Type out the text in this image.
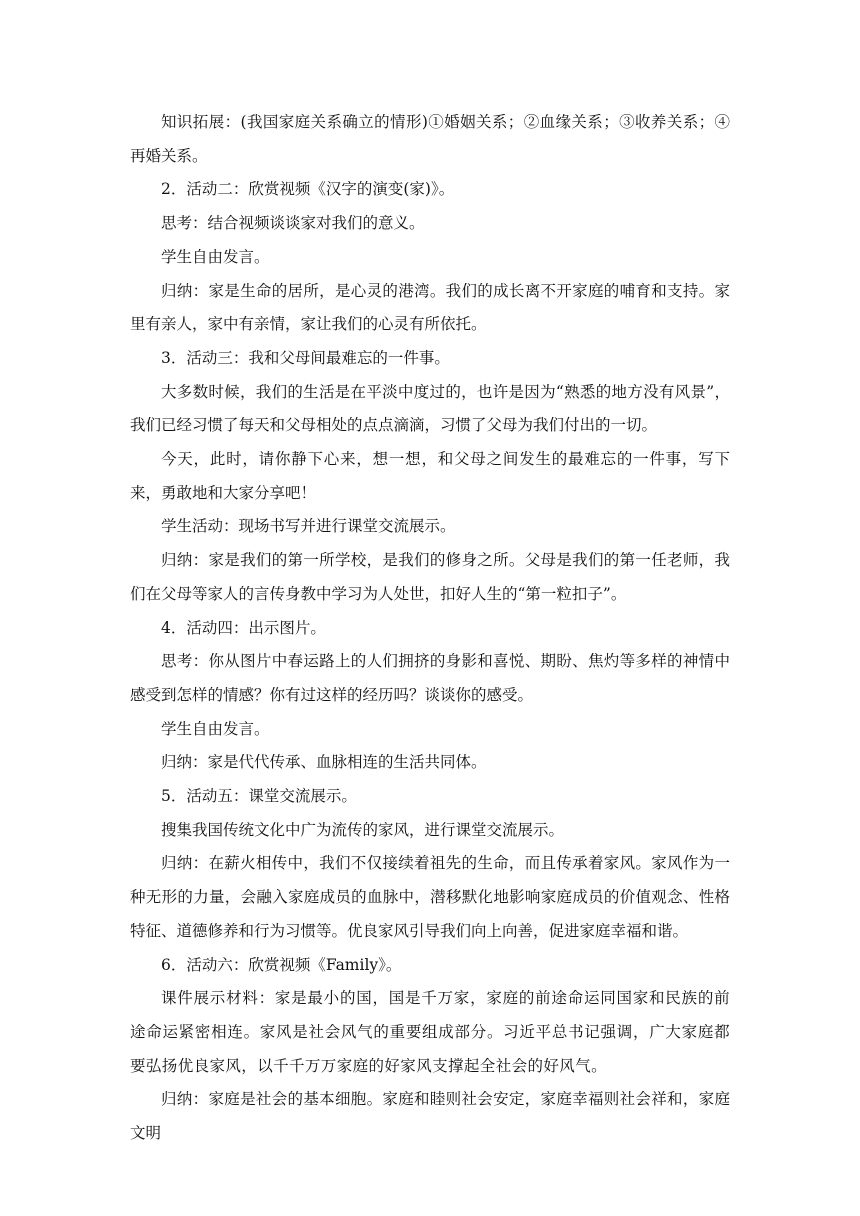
知识拓展：(我国家庭关系确立的情形)①婚姻关系；②血缘关系；③收养关系；④再婚关系。

2．活动二：欣赏视频《汉字的演变(家)》。

思考：结合视频谈谈家对我们的意义。

学生自由发言。

归纳：家是生命的居所，是心灵的港湾。我们的成长离不开家庭的哺育和支持。家里有亲人，家中有亲情，家让我们的心灵有所依托。

3．活动三：我和父母间最难忘的一件事。

大多数时候，我们的生活是在平淡中度过的，也许是因为“熟悉的地方没有风景”，我们已经习惯了每天和父母相处的点点滴滴，习惯了父母为我们付出的一切。

今天，此时，请你静下心来，想一想，和父母之间发生的最难忘的一件事，写下来，勇敢地和大家分享吧！

学生活动：现场书写并进行课堂交流展示。

归纳：家是我们的第一所学校，是我们的修身之所。父母是我们的第一任老师，我们在父母等家人的言传身教中学习为人处世，扣好人生的“第一粒扣子”。

4．活动四：出示图片。

思考：你从图片中春运路上的人们拥挤的身影和喜悦、期盼、焦灼等多样的神情中感受到怎样的情感？你有过这样的经历吗？谈谈你的感受。

学生自由发言。

归纳：家是代代传承、血脉相连的生活共同体。

5．活动五：课堂交流展示。

搜集我国传统文化中广为流传的家风，进行课堂交流展示。

归纳：在薪火相传中，我们不仅接续着祖先的生命，而且传承着家风。家风作为一种无形的力量，会融入家庭成员的血脉中，潜移默化地影响家庭成员的价值观念、性格特征、道德修养和行为习惯等。优良家风引导我们向上向善，促进家庭幸福和谐。

6．活动六：欣赏视频《Family》。

课件展示材料：家是最小的国，国是千万家，家庭的前途命运同国家和民族的前途命运紧密相连。家风是社会风气的重要组成部分。习近平总书记强调，广大家庭都要弘扬优良家风，以千千万万家庭的好家风支撑起全社会的好风气。

归纳：家庭是社会的基本细胞。家庭和睦则社会安定，家庭幸福则社会祥和，家庭文明
